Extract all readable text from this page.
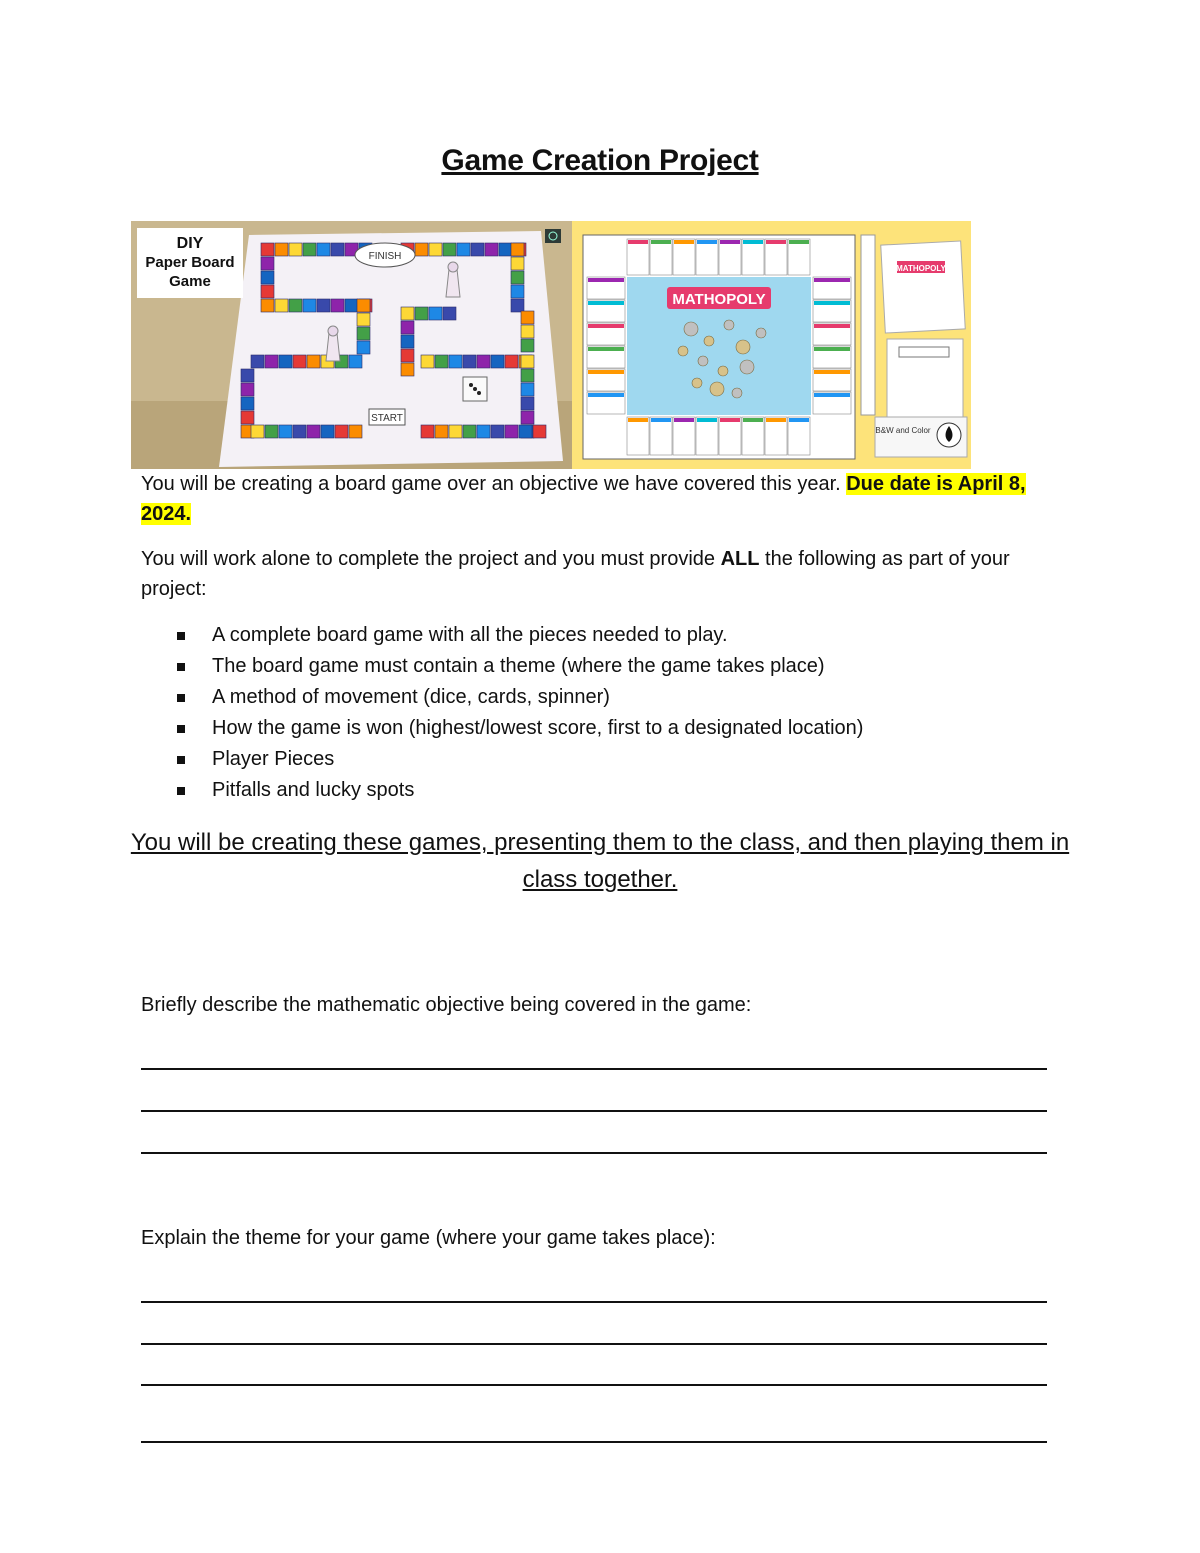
Game Creation Project
FINISH
START
DIY
Paper Board
Game
MATHOPOLY
MATHOPOLY
B&W and Color
You will be creating a board game over an objective we have covered this year. Due date is April 8, 2024.
You will work alone to complete the project and you must provide ALL the following as part of your project:
A complete board game with all the pieces needed to play.
The board game must contain a theme (where the game takes place)
A method of movement (dice, cards, spinner)
How the game is won (highest/lowest score, first to a designated location)
Player Pieces
Pitfalls and lucky spots
You will be creating these games, presenting them to the class, and then playing them in class together.
Briefly describe the mathematic objective being covered in the game:
Explain the theme for your game (where your game takes place):
